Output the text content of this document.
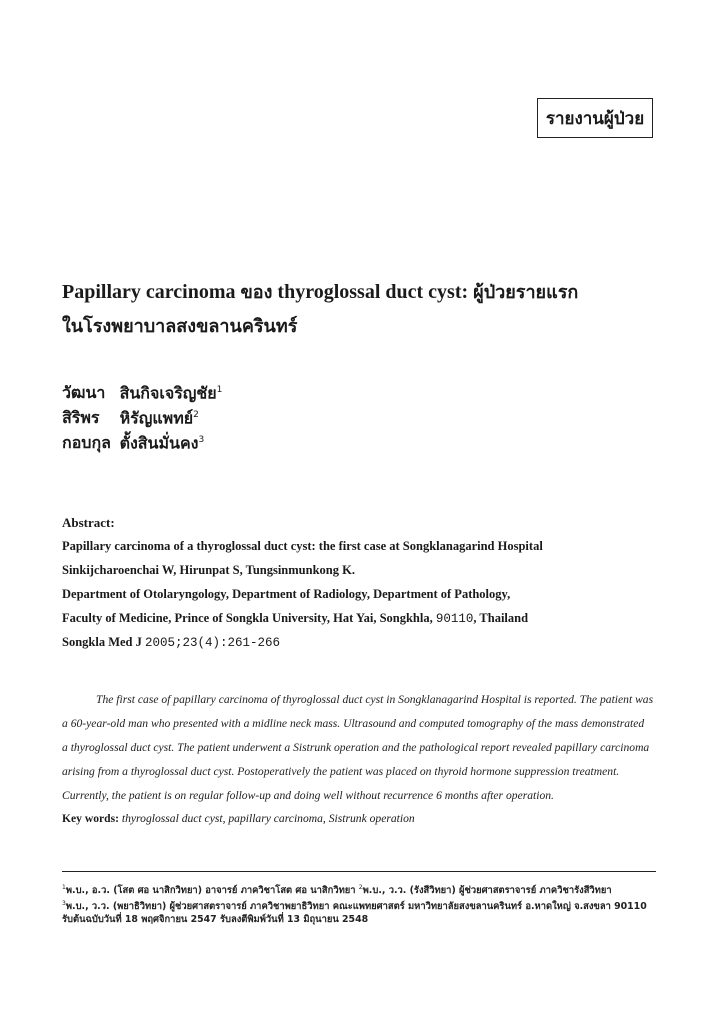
รายงานผู้ป่วย
Papillary carcinoma ของ thyroglossal duct cyst: ผู้ป่วยรายแรก
ในโรงพยาบาลสงขลานครินทร์
วัฒนา สินกิจเจริญชัย$^1$
สิริพร หิรัญแพทย์$^2$
กอบกุล ตั้งสินมั่นคง$^3$
Abstract:
Papillary carcinoma of a thyroglossal duct cyst: the first case at Songklanagarind Hospital
Sinkijcharoenchai W, Hirunpat S, Tungsinmunkong K.
Department of Otolaryngology, Department of Radiology, Department of Pathology,
Faculty of Medicine, Prince of Songkla University, Hat Yai, Songkhla, 90110, Thailand
Songkla Med J 2005;23(4):261-266
The first case of papillary carcinoma of thyroglossal duct cyst in Songklanagarind Hospital is reported. The patient was
a 60-year-old man who presented with a midline neck mass. Ultrasound and computed tomography of the mass demonstrated
a thyroglossal duct cyst. The patient underwent a Sistrunk operation and the pathological report revealed papillary carcinoma
arising from a thyroglossal duct cyst. Postoperatively the patient was placed on thyroid hormone suppression treatment.
Currently, the patient is on regular follow-up and doing well without recurrence 6 months after operation.
Key words: thyroglossal duct cyst, papillary carcinoma, Sistrunk operation
$^1$พ.บ., อ.ว. (โสต ศอ นาสิกวิทยา) อาจารย์ ภาควิชาโสต ศอ นาสิกวิทยา $^2$พ.บ., ว.ว. (รังสีวิทยา) ผู้ช่วยศาสตราจารย์ ภาควิชารังสีวิทยา
$^3$พ.บ., ว.ว. (พยาธิวิทยา) ผู้ช่วยศาสตราจารย์ ภาควิชาพยาธิวิทยา คณะแพทยศาสตร์ มหาวิทยาลัยสงขลานครินทร์ อ.หาดใหญ่ จ.สงขลา 90110
รับต้นฉบับวันที่ 18 พฤศจิกายน 2547 รับลงตีพิมพ์วันที่ 13 มิถุนายน 2548
